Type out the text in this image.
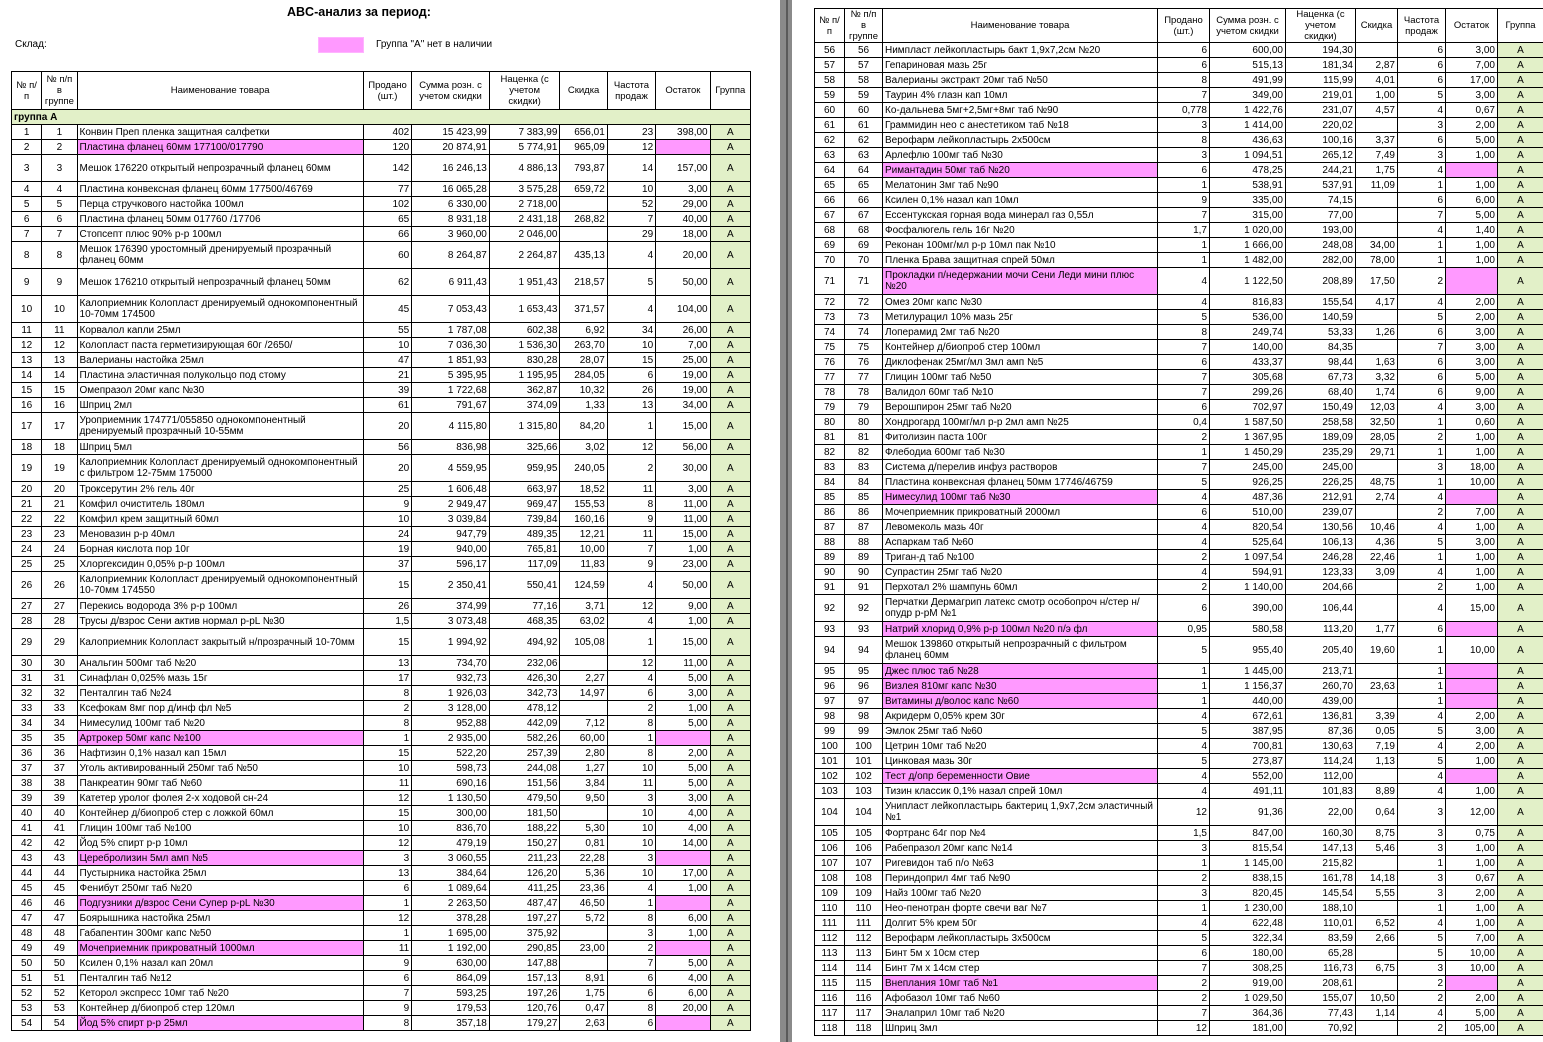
ABC-анализ за период:
Склад:	Группа "А" нет в наличии
№ п/п	№ п/п в группе	Наименование товара	Продано (шт.)	Сумма розн. с учетом скидки	Наценка (с учетом скидки)	Скидка	Частота продаж	Остаток	Группа
группа А									
1	1	Конвин Преп пленка защитная салфетки	402	15 423,99	7 383,99	656,01	23	398,00	А
2	2	Пластина фланец 60мм 177100/017790	120	20 874,91	5 774,91	965,09	12		А
3	3	Мешок 176220 открытый непрозрачный фланец 60мм	142	16 246,13	4 886,13	793,87	14	157,00	А
4	4	Пластина конвексная фланец 60мм 177500/46769	77	16 065,28	3 575,28	659,72	10	3,00	А
5	5	Перца стручкового настойка 100мл	102	6 330,00	2 718,00		52	29,00	А
6	6	Пластина фланец 50мм 017760 /17706	65	8 931,18	2 431,18	268,82	7	40,00	А
7	7	Стопсепт плюс 90% р-р 100мл	66	3 960,00	2 046,00		29	18,00	А
8	8	Мешок 176390 уростомный дренируемый прозрачный фланец 60мм	60	8 264,87	2 264,87	435,13	4	20,00	А
9	9	Мешок 176210 открытый непрозрачный фланец 50мм	62	6 911,43	1 951,43	218,57	5	50,00	А
10	10	Калоприемник Колопласт дренируемый однокомпонентный 10-70мм 174500	45	7 053,43	1 653,43	371,57	4	104,00	А
11	11	Корвалол капли 25мл	55	1 787,08	602,38	6,92	34	26,00	А
12	12	Колопласт паста герметизирующая 60г /2650/	10	7 036,30	1 536,30	263,70	10	7,00	А
13	13	Валерианы настойка 25мл	47	1 851,93	830,28	28,07	15	25,00	А
14	14	Пластина эластичная полукольцо под стому	21	5 395,95	1 195,95	284,05	6	19,00	А
15	15	Омепразол 20мг капс №30	39	1 722,68	362,87	10,32	26	19,00	А
16	16	Шприц 2мл	61	791,67	374,09	1,33	13	34,00	А
17	17	Уроприемник 174771/055850 однокомпонентный дренируемый прозрачный 10-55мм	20	4 115,80	1 315,80	84,20	1	15,00	А
18	18	Шприц 5мл	56	836,98	325,66	3,02	12	56,00	А
19	19	Калоприемник Колопласт дренируемый однокомпонентный с фильтром 12-75мм 175000	20	4 559,95	959,95	240,05	2	30,00	А
20	20	Троксерутин 2% гель 40г	25	1 606,48	663,97	18,52	11	3,00	А
21	21	Комфил очиститель 180мл	9	2 949,47	969,47	155,53	8	11,00	А
22	22	Комфил крем защитный 60мл	10	3 039,84	739,84	160,16	9	11,00	А
23	23	Меновазин р-р 40мл	24	947,79	489,35	12,21	11	15,00	А
24	24	Борная кислота пор 10г	19	940,00	765,81	10,00	7	1,00	А
25	25	Хлоргексидин 0,05% р-р 100мл	37	596,17	117,09	11,83	9	23,00	А
26	26	Калоприемник Колопласт дренируемый однокомпонентный 10-70мм 174550	15	2 350,41	550,41	124,59	4	50,00	А
27	27	Перекись водорода 3% р-р 100мл	26	374,99	77,16	3,71	12	9,00	А
28	28	Трусы д/взрос Сени актив нормал р-pL №30	1,5	3 073,48	468,35	63,02	4	1,00	А
29	29	Калоприемник Колопласт закрытый н/прозрачный 10-70мм	15	1 994,92	494,92	105,08	1	15,00	А
30	30	Анальгин 500мг таб №20	13	734,70	232,06		12	11,00	А
31	31	Синафлан 0,025% мазь 15г	17	932,73	426,30	2,27	4	5,00	А
32	32	Пенталгин таб №24	8	1 926,03	342,73	14,97	6	3,00	А
33	33	Ксефокам 8мг пор д/инф фл №5	2	3 128,00	478,12		2	1,00	А
34	34	Нимесулид 100мг таб №20	8	952,88	442,09	7,12	8	5,00	А
35	35	Артрокер 50мг капс №100	1	2 935,00	582,26	60,00	1		А
36	36	Нафтизин 0,1% назал кап 15мл	15	522,20	257,39	2,80	8	2,00	А
37	37	Уголь активированный 250мг таб №50	10	598,73	244,08	1,27	10	5,00	А
38	38	Панкреатин 90мг таб №60	11	690,16	151,56	3,84	11	5,00	А
39	39	Катетер уролог фолея 2-х ходовой сн-24	12	1 130,50	479,50	9,50	3	3,00	А
40	40	Контейнер д/биопроб стер с ложкой 60мл	15	300,00	181,50		10	4,00	А
41	41	Глицин 100мг таб №100	10	836,70	188,22	5,30	10	4,00	А
42	42	Йод 5% спирт р-р 10мл	12	479,19	150,27	0,81	10	14,00	А
43	43	Церебролизин 5мл амп №5	3	3 060,55	211,23	22,28	3		А
44	44	Пустырника настойка 25мл	13	384,64	126,20	5,36	10	17,00	А
45	45	Фенибут 250мг таб №20	6	1 089,64	411,25	23,36	4	1,00	А
46	46	Подгузники д/взрос Сени Супер р-pL №30	1	2 263,50	487,47	46,50	1		А
47	47	Боярышника настойка 25мл	12	378,28	197,27	5,72	8	6,00	А
48	48	Габапентин 300мг капс №50	1	1 695,00	375,92		3	1,00	А
49	49	Мочеприемник прикроватный 1000мл	11	1 192,00	290,85	23,00	2		А
50	50	Ксилен 0,1% назал кап 20мл	9	630,00	147,88		7	5,00	А
51	51	Пенталгин таб №12	6	864,09	157,13	8,91	6	4,00	А
52	52	Кеторол экспресс 10мг таб №20	7	593,25	197,26	1,75	6	6,00	А
53	53	Контейнер д/биопроб стер 120мл	9	179,53	120,76	0,47	8	20,00	А
54	54	Йод 5% спирт р-р 25мл	8	357,18	179,27	2,63	6		А
№ п/п	№ п/п в группе	Наименование товара	Продано (шт.)	Сумма розн. с учетом скидки	Наценка (с учетом скидки)	Скидка	Частота продаж	Остаток	Группа
56	56	Нимпласт лейкопластырь бакт 1,9х7,2см №20	6	600,00	194,30		6	3,00	А
57	57	Гепариновая мазь 25г	6	515,13	181,34	2,87	6	7,00	А
58	58	Валерианы экстракт 20мг таб №50	8	491,99	115,99	4,01	6	17,00	А
59	59	Таурин 4% глазн кап 10мл	7	349,00	219,01	1,00	5	3,00	А
60	60	Ко-дальнева 5мг+2,5мг+8мг таб №90	0,778	1 422,76	231,07	4,57	4	0,67	А
61	61	Граммидин нео с анестетиком таб №18	3	1 414,00	220,02		3	2,00	А
62	62	Верофарм лейкопластырь 2х500см	8	436,63	100,16	3,37	6	5,00	А
63	63	Арлефлю 100мг таб №30	3	1 094,51	265,12	7,49	3	1,00	А
64	64	Римантадин 50мг таб №20	6	478,25	244,21	1,75	4		А
65	65	Мелатонин 3мг таб №90	1	538,91	537,91	11,09	1	1,00	А
66	66	Ксилен 0,1% назал кап 10мл	9	335,00	74,15		6	6,00	А
67	67	Ессентукская горная вода минерал газ 0,55л	7	315,00	77,00		7	5,00	А
68	68	Фосфалюгель гель 16г №20	1,7	1 020,00	193,00		4	1,40	А
69	69	Реконан 100мг/мл р-р 10мл пак №10	1	1 666,00	248,08	34,00	1	1,00	А
70	70	Пленка Брава защитная спрей 50мл	1	1 482,00	282,00	78,00	1	1,00	А
71	71	Прокладки п/недержании мочи Сени Леди мини плюс №20	4	1 122,50	208,89	17,50	2		А
72	72	Омез 20мг капс №30	4	816,83	155,54	4,17	4	2,00	А
73	73	Метилурацил 10% мазь 25г	5	536,00	140,59		5	2,00	А
74	74	Лоперамид 2мг таб №20	8	249,74	53,33	1,26	6	3,00	А
75	75	Контейнер д/биопроб стер 100мл	7	140,00	84,35		7	3,00	А
76	76	Диклофенак 25мг/мл 3мл амп №5	6	433,37	98,44	1,63	6	3,00	А
77	77	Глицин 100мг таб №50	7	305,68	67,73	3,32	6	5,00	А
78	78	Валидол 60мг таб №10	7	299,26	68,40	1,74	6	9,00	А
79	79	Верошпирон 25мг таб №20	6	702,97	150,49	12,03	4	3,00	А
80	80	Хондрогард 100мг/мл р-р 2мл амп №25	0,4	1 587,50	258,58	32,50	1	0,60	А
81	81	Фитолизин паста 100г	2	1 367,95	189,09	28,05	2	1,00	А
82	82	Флебодиа 600мг таб №30	1	1 450,29	235,29	29,71	1	1,00	А
83	83	Система д/перелив инфуз растворов	7	245,00	245,00		3	18,00	А
84	84	Пластина конвексная фланец 50мм 17746/46759	5	926,25	226,25	48,75	1	10,00	А
85	85	Нимесулид 100мг таб №30	4	487,36	212,91	2,74	4		А
86	86	Мочеприемник прикроватный 2000мл	6	510,00	239,07		2	7,00	А
87	87	Левомеколь мазь 40г	4	820,54	130,56	10,46	4	1,00	А
88	88	Аспаркам таб №60	4	525,64	106,13	4,36	5	3,00	А
89	89	Триган-д таб №100	2	1 097,54	246,28	22,46	1	1,00	А
90	90	Супрастин 25мг таб №20	4	594,91	123,33	3,09	4	1,00	А
91	91	Перхотал 2% шампунь 60мл	2	1 140,00	204,66		2	1,00	А
92	92	Перчатки Дермагрип латекс смотр особопроч н/стер н/опудр р-рМ №1	6	390,00	106,44		4	15,00	А
93	93	Натрий хлорид 0,9% р-р 100мл №20 п/э фл	0,95	580,58	113,20	1,77	6		А
94	94	Мешок 139860 открытый непрозрачный с фильтром фланец 60мм	5	955,40	205,40	19,60	1	10,00	А
95	95	Джес плюс таб №28	1	1 445,00	213,71		1		А
96	96	Визлея 810мг капс №30	1	1 156,37	260,70	23,63	1		А
97	97	Витамины д/волос капс №60	1	440,00	439,00		1		А
98	98	Акридерм 0,05% крем 30г	4	672,61	136,81	3,39	4	2,00	А
99	99	Эмлок 25мг таб №60	5	387,95	87,36	0,05	5	3,00	А
100	100	Цетрин 10мг таб №20	4	700,81	130,63	7,19	4	2,00	А
101	101	Цинковая мазь 30г	5	273,87	114,24	1,13	5	1,00	А
102	102	Тест д/опр беременности Овие	4	552,00	112,00		4		А
103	103	Тизин классик 0,1% назал спрей 10мл	4	491,11	101,83	8,89	4	1,00	А
104	104	Унипласт лейкопластырь бактериц 1,9х7,2см эластичный №1	12	91,36	22,00	0,64	3	12,00	А
105	105	Фортранс 64г пор №4	1,5	847,00	160,30	8,75	3	0,75	А
106	106	Рабепразол 20мг капс №14	3	815,54	147,13	5,46	3	1,00	А
107	107	Ригевидон таб п/о №63	1	1 145,00	215,82		1	1,00	А
108	108	Периндоприл 4мг таб №90	2	838,15	161,78	14,18	3	0,67	А
109	109	Найз 100мг таб №20	3	820,45	145,54	5,55	3	2,00	А
110	110	Нео-пенотран форте свечи ваг №7	1	1 230,00	188,10		1	1,00	А
111	111	Долгит 5% крем 50г	4	622,48	110,01	6,52	4	1,00	А
112	112	Верофарм лейкопластырь 3х500см	5	322,34	83,59	2,66	5	7,00	А
113	113	Бинт 5м х 10см стер	6	180,00	65,28		5	10,00	А
114	114	Бинт 7м х 14см стер	7	308,25	116,73	6,75	3	10,00	А
115	115	Внеплания 10мг таб №1	2	919,00	208,61		2		А
116	116	Афобазол 10мг таб №60	2	1 029,50	155,07	10,50	2	2,00	А
117	117	Эналаприл 10мг таб №20	7	364,36	77,43	1,14	4	5,00	А
118	118	Шприц 3мл	12	181,00	70,92		2	105,00	А
